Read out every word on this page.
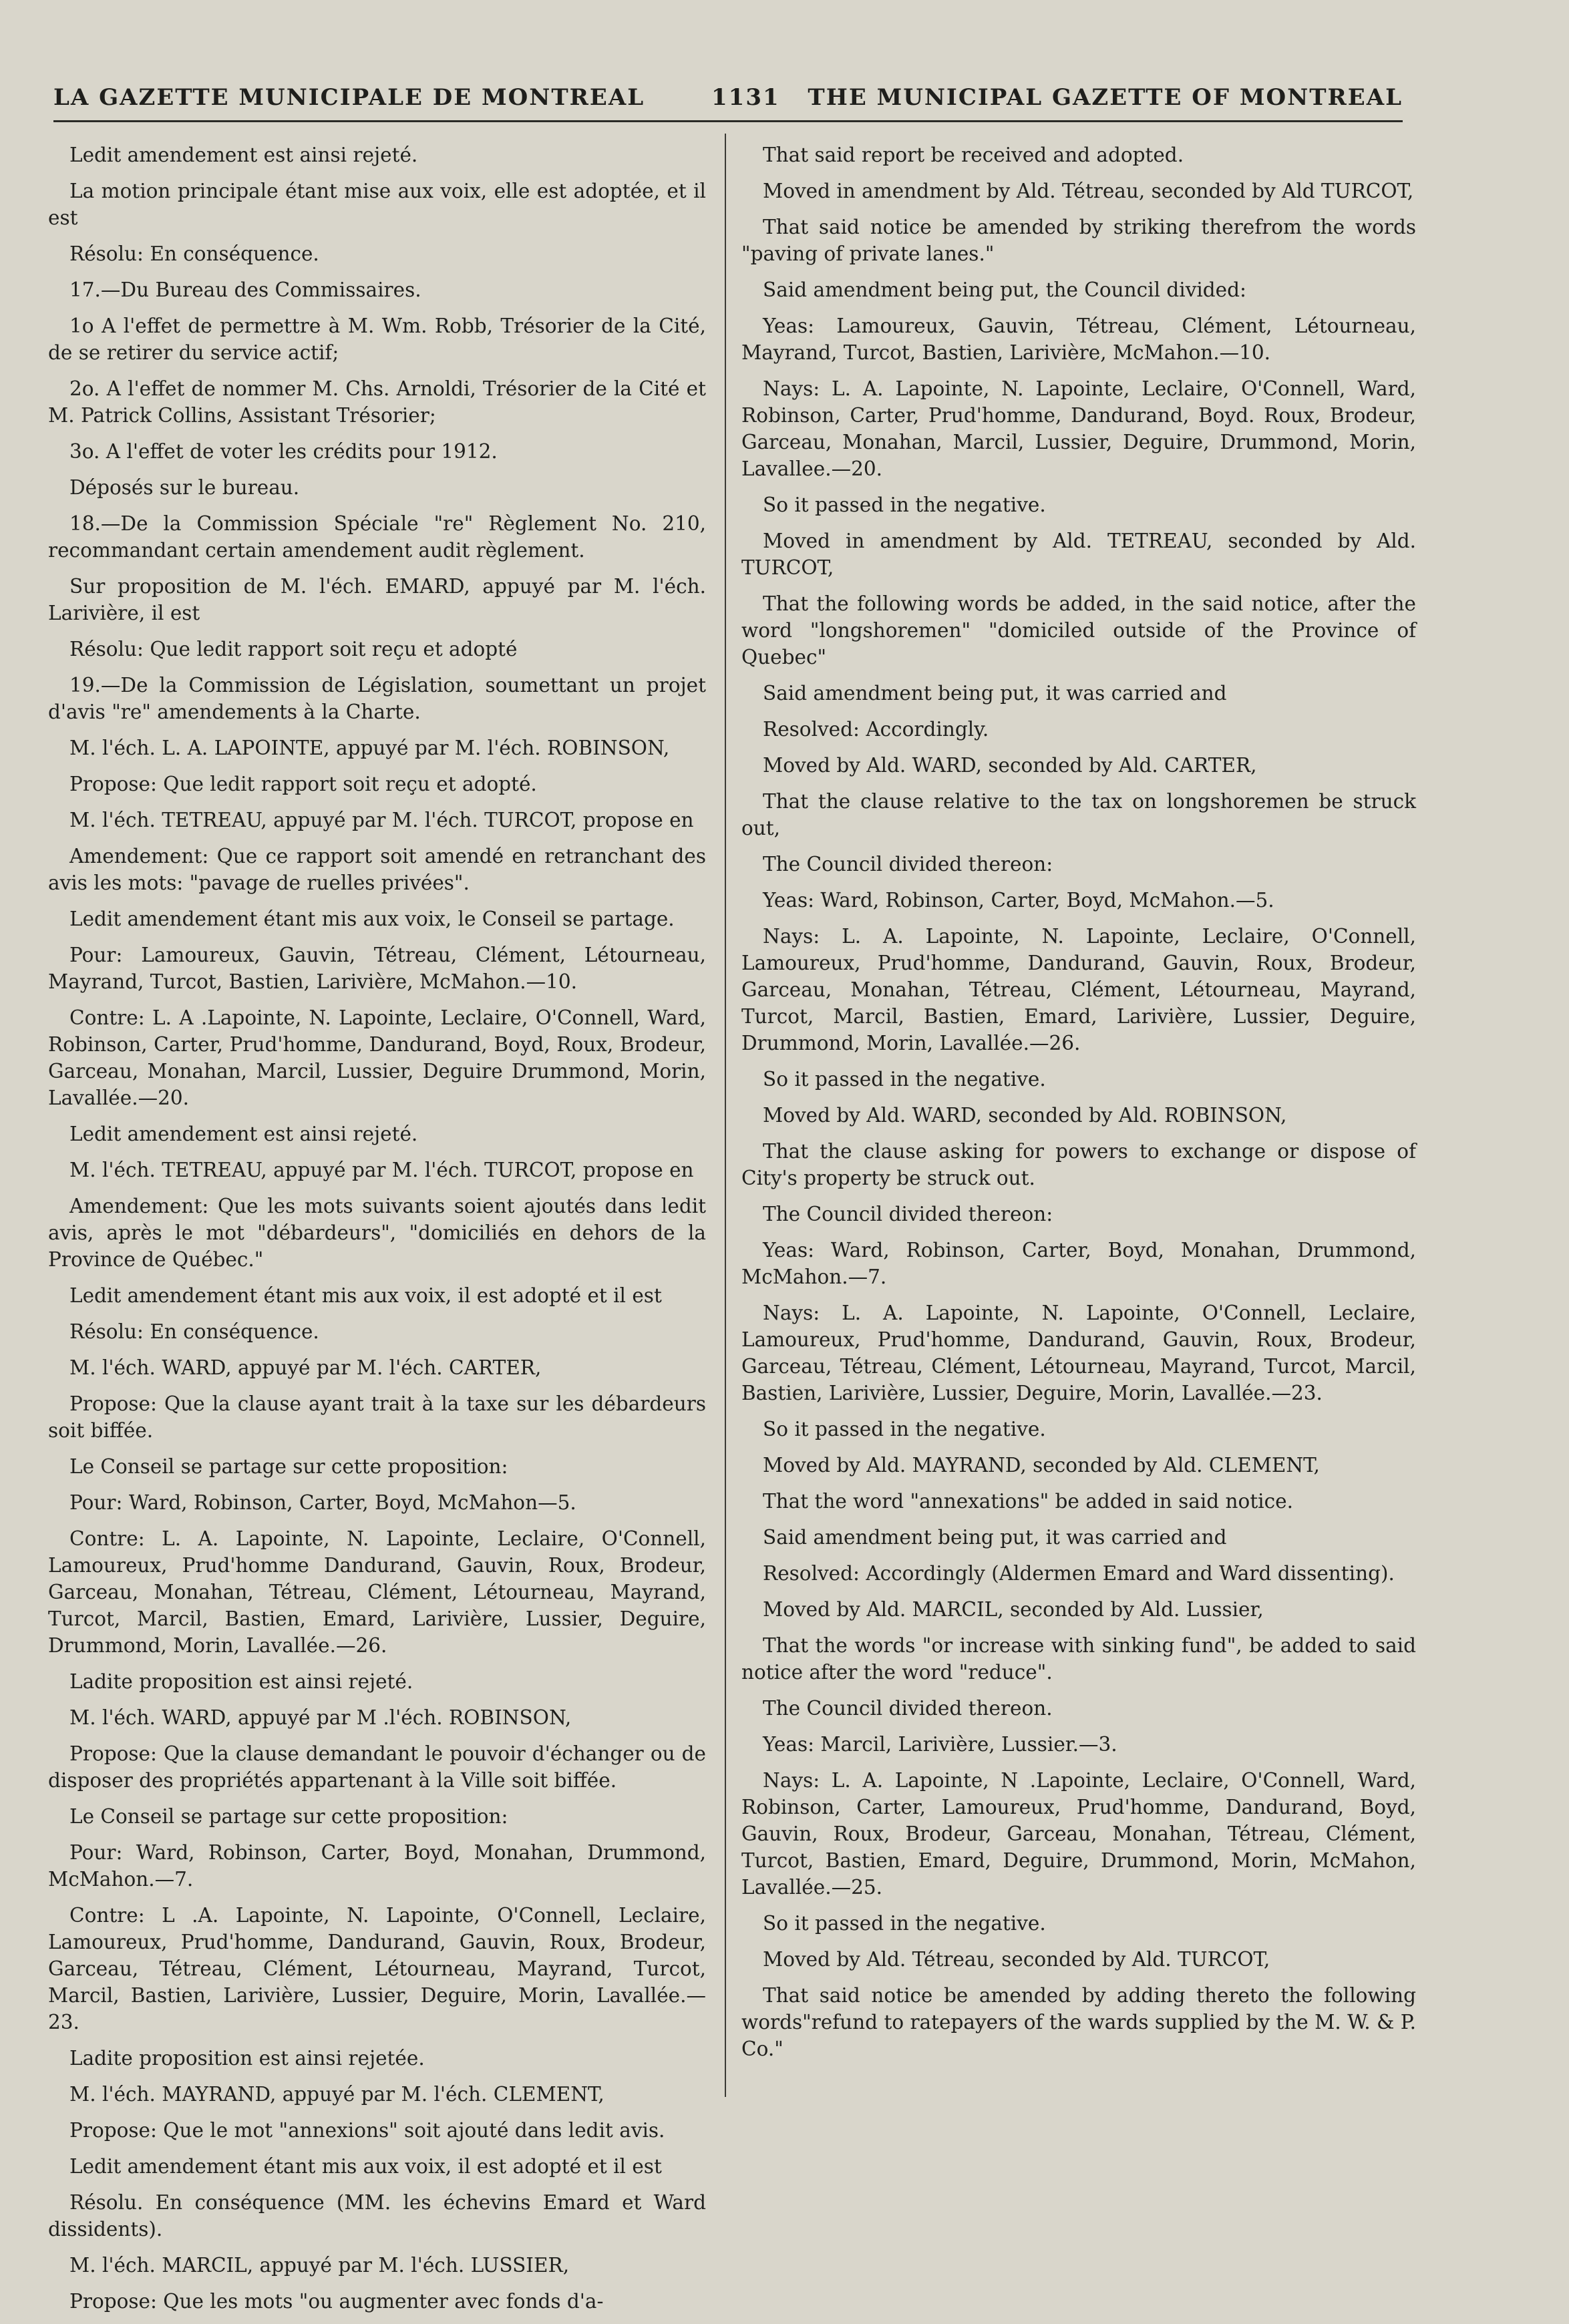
LA GAZETTE MUNICIPALE DE MONTREAL	1131 THE MUNICIPAL GAZETTE OF MONTREAL

Ledit amendement est ainsi rejeté.

La motion principale étant mise aux voix, elle est adoptée, et il est

Résolu: En conséquence.

17.—Du Bureau des Commissaires.

1o A l'effet de permettre à M. Wm. Robb, Trésorier de la Cité, de se retirer du service actif;

2o. A l'effet de nommer M. Chs. Arnoldi, Trésorier de la Cité et M. Patrick Collins, Assistant Trésorier;

3o. A l'effet de voter les crédits pour 1912.

Déposés sur le bureau.

18.—De la Commission Spéciale "re" Règlement No. 210, recommandant certain amendement audit règlement.

Sur proposition de M. l'éch. EMARD, appuyé par M. l'éch. Larivière, il est

Résolu: Que ledit rapport soit reçu et adopté

19.—De la Commission de Législation, soumettant un projet d'avis "re" amendements à la Charte.

M. l'éch. L. A. LAPOINTE, appuyé par M. l'éch. ROBINSON,

Propose: Que ledit rapport soit reçu et adopté.

M. l'éch. TETREAU, appuyé par M. l'éch. TURCOT, propose en

Amendement: Que ce rapport soit amendé en retranchant des avis les mots: "pavage de ruelles privées".

Ledit amendement étant mis aux voix, le Conseil se partage.

Pour: Lamoureux, Gauvin, Tétreau, Clément, Létourneau, Mayrand, Turcot, Bastien, Larivière, McMahon.—10.

Contre: L. A .Lapointe, N. Lapointe, Leclaire, O'Connell, Ward, Robinson, Carter, Prud'homme, Dandurand, Boyd, Roux, Brodeur, Garceau, Monahan, Marcil, Lussier, Deguire Drummond, Morin, Lavallée.—20.

Ledit amendement est ainsi rejeté.

M. l'éch. TETREAU, appuyé par M. l'éch. TURCOT, propose en

Amendement: Que les mots suivants soient ajoutés dans ledit avis, après le mot "débardeurs", "domiciliés en dehors de la Province de Québec."

Ledit amendement étant mis aux voix, il est adopté et il est

Résolu: En conséquence.

M. l'éch. WARD, appuyé par M. l'éch. CARTER,

Propose: Que la clause ayant trait à la taxe sur les débardeurs soit biffée.

Le Conseil se partage sur cette proposition:

Pour: Ward, Robinson, Carter, Boyd, McMahon—5.

Contre: L. A. Lapointe, N. Lapointe, Leclaire, O'Connell, Lamoureux, Prud'homme Dandurand, Gauvin, Roux, Brodeur, Garceau, Monahan, Tétreau, Clément, Létourneau, Mayrand, Turcot, Marcil, Bastien, Emard, Larivière, Lussier, Deguire, Drummond, Morin, Lavallée.—26.

Ladite proposition est ainsi rejeté.

M. l'éch. WARD, appuyé par M .l'éch. ROBINSON,

Propose: Que la clause demandant le pouvoir d'échanger ou de disposer des propriétés appartenant à la Ville soit biffée.

Le Conseil se partage sur cette proposition:

Pour: Ward, Robinson, Carter, Boyd, Monahan, Drummond, McMahon.—7.

Contre: L .A. Lapointe, N. Lapointe, O'Connell, Leclaire, Lamoureux, Prud'homme, Dandurand, Gauvin, Roux, Brodeur, Garceau, Tétreau, Clément, Létourneau, Mayrand, Turcot, Marcil, Bastien, Larivière, Lussier, Deguire, Morin, Lavallée.—23.

Ladite proposition est ainsi rejetée.

M. l'éch. MAYRAND, appuyé par M. l'éch. CLEMENT,

Propose: Que le mot "annexions" soit ajouté dans ledit avis.

Ledit amendement étant mis aux voix, il est adopté et il est

Résolu. En conséquence (MM. les échevins Emard et Ward dissidents).

M. l'éch. MARCIL, appuyé par M. l'éch. LUSSIER,

Propose: Que les mots "ou augmenter avec fonds d'a-

That said report be received and adopted.

Moved in amendment by Ald. Tétreau, seconded by Ald TURCOT,

That said notice be amended by striking therefrom the words "paving of private lanes."

Said amendment being put, the Council divided:

Yeas: Lamoureux, Gauvin, Tétreau, Clément, Létourneau, Mayrand, Turcot, Bastien, Larivière, McMahon.—10.

Nays: L. A. Lapointe, N. Lapointe, Leclaire, O'Connell, Ward, Robinson, Carter, Prud'homme, Dandurand, Boyd. Roux, Brodeur, Garceau, Monahan, Marcil, Lussier, Deguire, Drummond, Morin, Lavallee.—20.

So it passed in the negative.

Moved in amendment by Ald. TETREAU, seconded by Ald. TURCOT,

That the following words be added, in the said notice, after the word "longshoremen" "domiciled outside of the Province of Quebec"

Said amendment being put, it was carried and

Resolved: Accordingly.

Moved by Ald. WARD, seconded by Ald. CARTER,

That the clause relative to the tax on longshoremen be struck out,

The Council divided thereon:

Yeas: Ward, Robinson, Carter, Boyd, McMahon.—5.

Nays: L. A. Lapointe, N. Lapointe, Leclaire, O'Connell, Lamoureux, Prud'homme, Dandurand, Gauvin, Roux, Brodeur, Garceau, Monahan, Tétreau, Clément, Létourneau, Mayrand, Turcot, Marcil, Bastien, Emard, Larivière, Lussier, Deguire, Drummond, Morin, Lavallée.—26.

So it passed in the negative.

Moved by Ald. WARD, seconded by Ald. ROBINSON,

That the clause asking for powers to exchange or dispose of City's property be struck out.

The Council divided thereon:

Yeas: Ward, Robinson, Carter, Boyd, Monahan, Drummond, McMahon.—7.

Nays: L. A. Lapointe, N. Lapointe, O'Connell, Leclaire, Lamoureux, Prud'homme, Dandurand, Gauvin, Roux, Brodeur, Garceau, Tétreau, Clément, Létourneau, Mayrand, Turcot, Marcil, Bastien, Larivière, Lussier, Deguire, Morin, Lavallée.—23.

So it passed in the negative.

Moved by Ald. MAYRAND, seconded by Ald. CLEMENT,

That the word "annexations" be added in said notice.

Said amendment being put, it was carried and

Resolved: Accordingly (Aldermen Emard and Ward dissenting).

Moved by Ald. MARCIL, seconded by Ald. Lussier,

That the words "or increase with sinking fund", be added to said notice after the word "reduce".

The Council divided thereon.

Yeas: Marcil, Larivière, Lussier.—3.

Nays: L. A. Lapointe, N .Lapointe, Leclaire, O'Connell, Ward, Robinson, Carter, Lamoureux, Prud'homme, Dandurand, Boyd, Gauvin, Roux, Brodeur, Garceau, Monahan, Tétreau, Clément, Turcot, Bastien, Emard, Deguire, Drummond, Morin, McMahon, Lavallée.—25.

So it passed in the negative.

Moved by Ald. Tétreau, seconded by Ald. TURCOT,

That said notice be amended by adding thereto the following words"refund to ratepayers of the wards supplied by the M. W. & P. Co."
